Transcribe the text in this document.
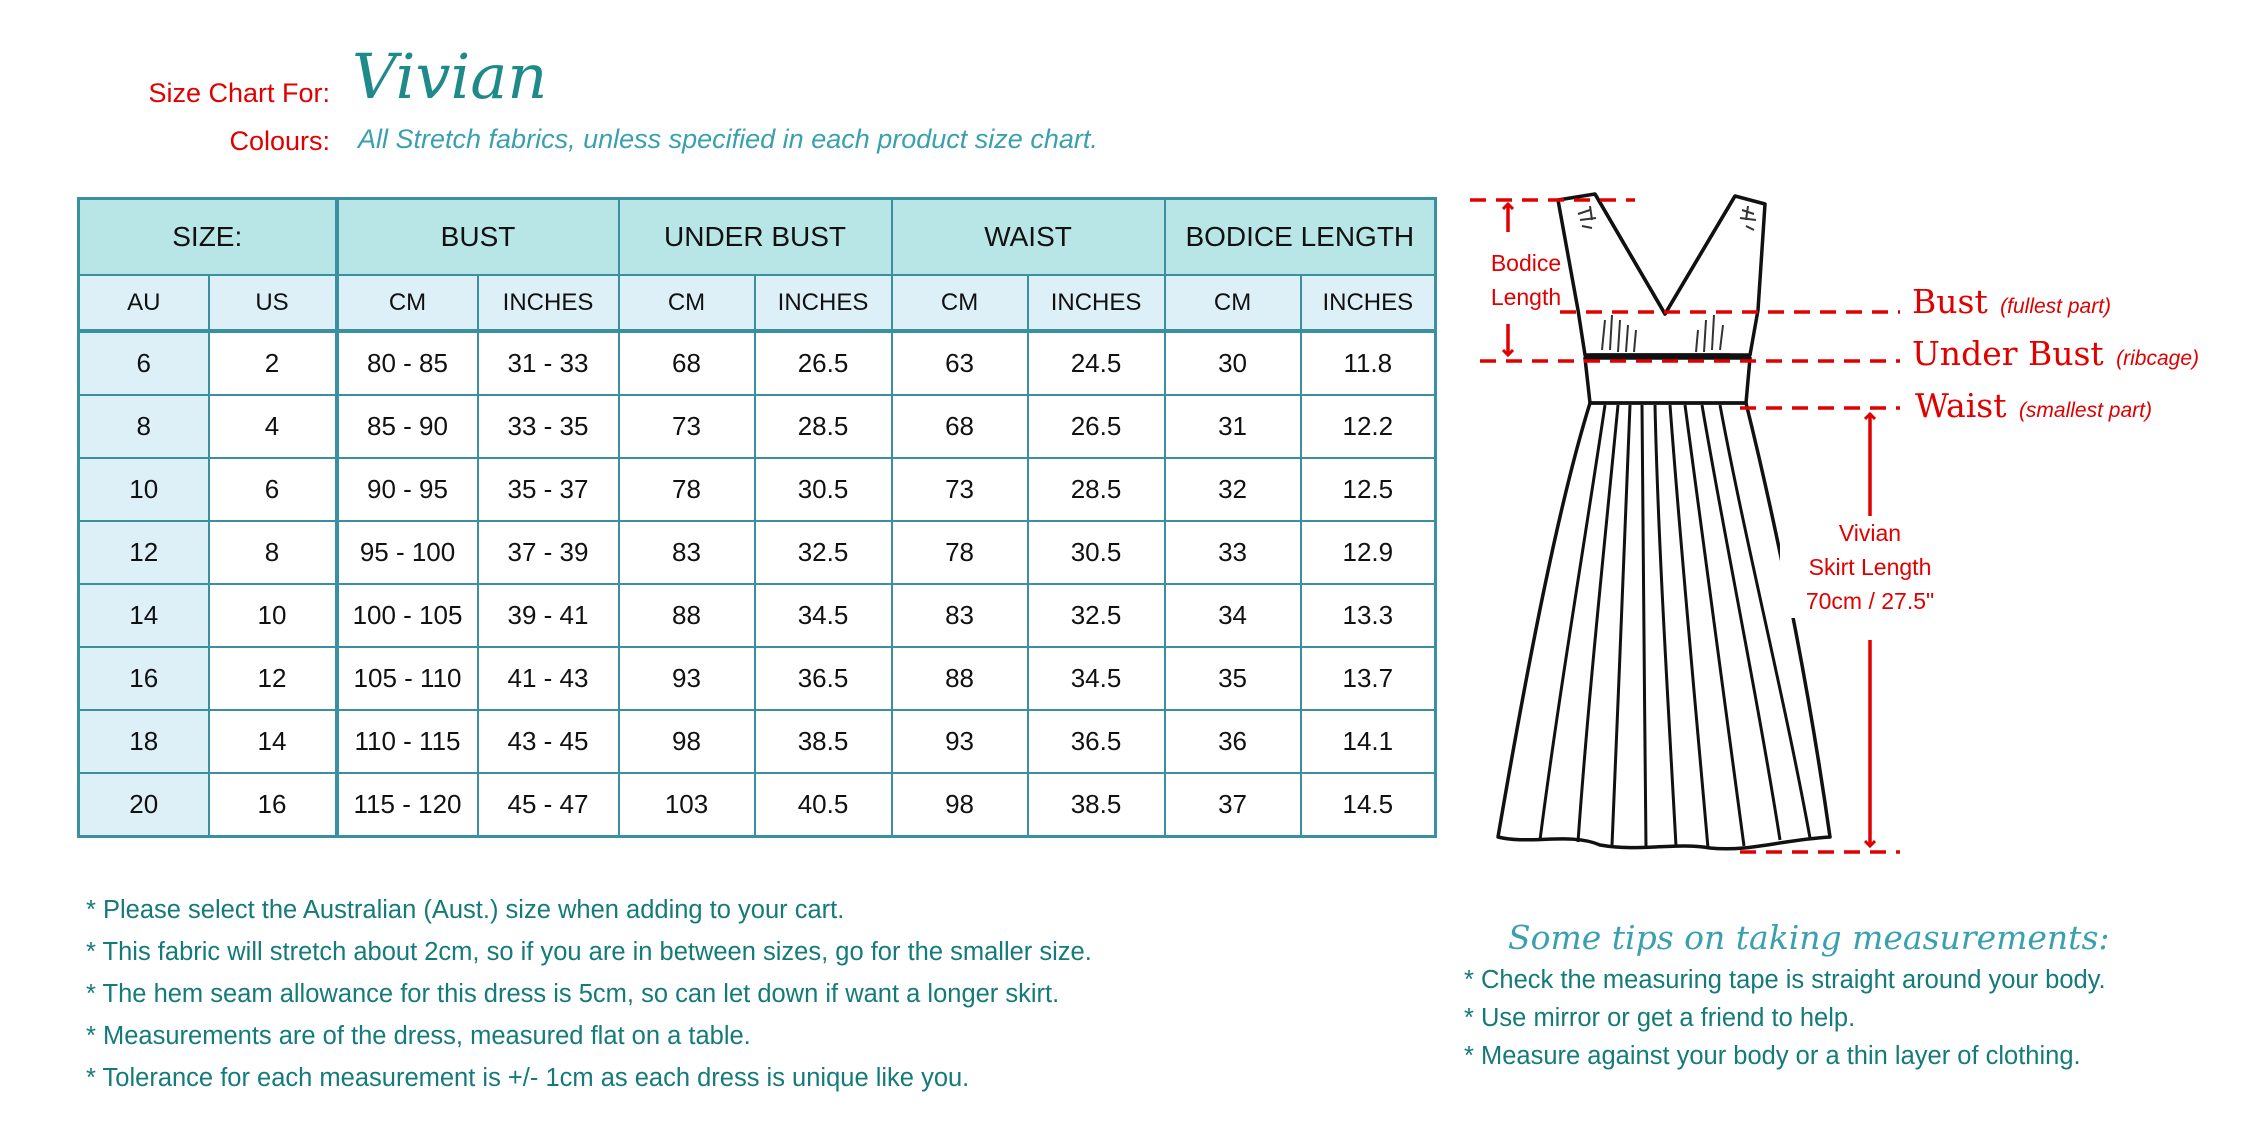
Size Chart For: Vivian
Colours: All Stretch fabrics, unless specified in each product size chart.
SIZE:		BUST		UNDER BUST		WAIST		BODICE LENGTH	
AU	US	CM	INCHES	CM	INCHES	CM	INCHES	CM	INCHES
6	2	80 - 85	31 - 33	68	26.5	63	24.5	30	11.8
8	4	85 - 90	33 - 35	73	28.5	68	26.5	31	12.2
10	6	90 - 95	35 - 37	78	30.5	73	28.5	32	12.5
12	8	95 - 100	37 - 39	83	32.5	78	30.5	33	12.9
14	10	100 - 105	39 - 41	88	34.5	83	32.5	34	13.3
16	12	105 - 110	41 - 43	93	36.5	88	34.5	35	13.7
18	14	110 - 115	43 - 45	98	38.5	93	36.5	36	14.1
20	16	115 - 120	45 - 47	103	40.5	98	38.5	37	14.5
* Please select the Australian (Aust.) size when adding to your cart.
* This fabric will stretch about 2cm, so if you are in between sizes, go for the smaller size.
* The hem seam allowance for this dress is 5cm, so can let down if want a longer skirt.
* Measurements are of the dress, measured flat on a table.
* Tolerance for each measurement is +/- 1cm as each dress is unique like you.
Bodice
Length	Bust (fullest part)
Under Bust (ribcage)
Waist (smallest part)
Vivian
Skirt Length
70cm / 27.5"
Some tips on taking measurements:
* Check the measuring tape is straight around your body.
* Use mirror or get a friend to help.
* Measure against your body or a thin layer of clothing.
